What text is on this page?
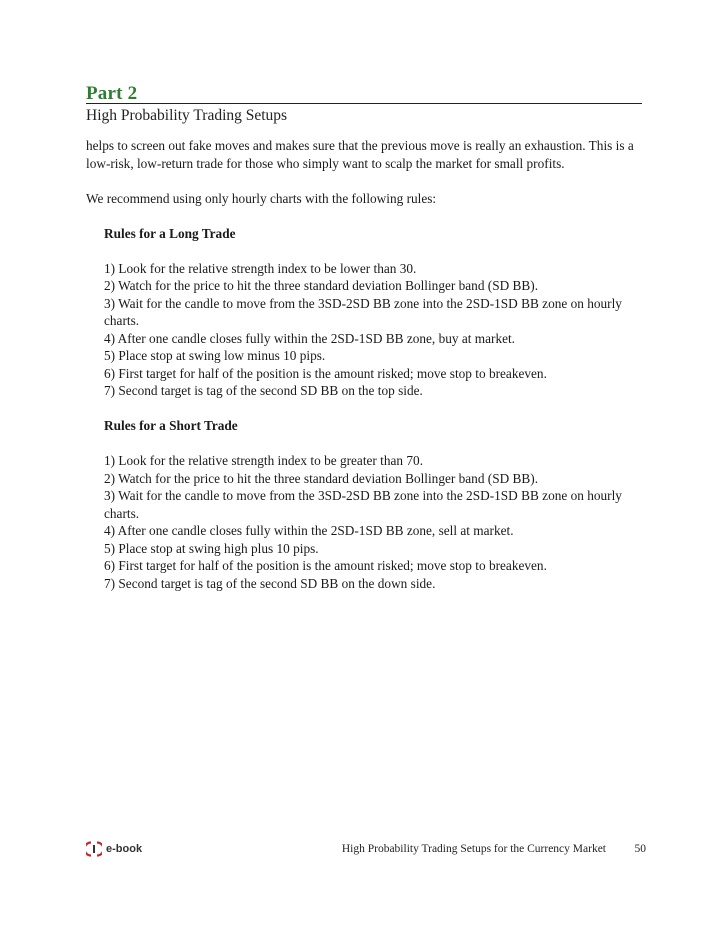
Part 2
High Probability Trading Setups

helps to screen out fake moves and makes sure that the previous move is really an exhaustion. This is a low-risk, low-return trade for those who simply want to scalp the market for small profits.

We recommend using only hourly charts with the following rules:

Rules for a Long Trade
1) Look for the relative strength index to be lower than 30.
2) Watch for the price to hit the three standard deviation Bollinger band (SD BB).
3) Wait for the candle to move from the 3SD-2SD BB zone into the 2SD-1SD BB zone on hourly charts.
4) After one candle closes fully within the 2SD-1SD BB zone, buy at market.
5) Place stop at swing low minus 10 pips.
6) First target for half of the position is the amount risked; move stop to breakeven.
7) Second target is tag of the second SD BB on the top side.
Rules for a Short Trade
1) Look for the relative strength index to be greater than 70.
2) Watch for the price to hit the three standard deviation Bollinger band (SD BB).
3) Wait for the candle to move from the 3SD-2SD BB zone into the 2SD-1SD BB zone on hourly charts.
4) After one candle closes fully within the 2SD-1SD BB zone, sell at market.
5) Place stop at swing high plus 10 pips.
6) First target for half of the position is the amount risked; move stop to breakeven.
7) Second target is tag of the second SD BB on the down side.
e-book	High Probability Trading Setups for the Currency Market 50
